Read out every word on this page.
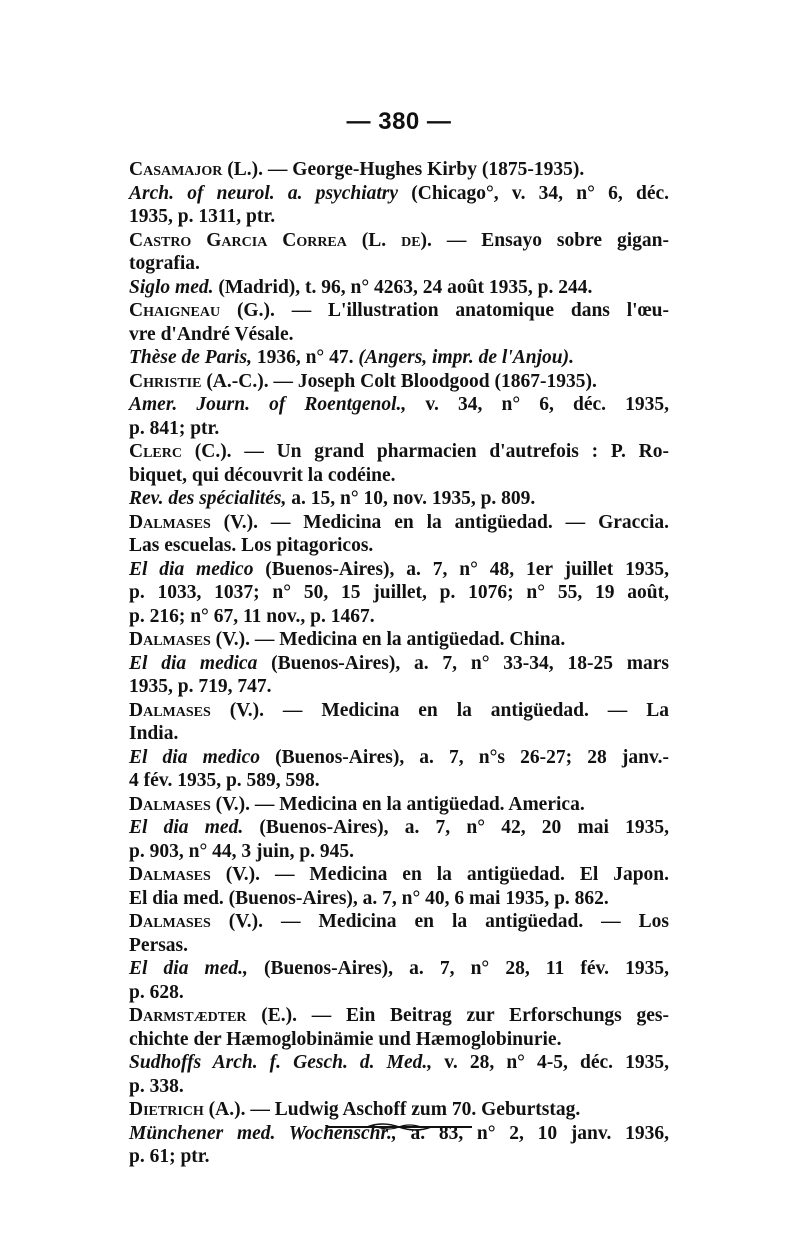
— 380 —
Casamajor (L.). — George-Hughes Kirby (1875-1935).
Arch. of neurol. a. psychiatry (Chicago°, v. 34, n° 6, déc.
1935, p. 1311, ptr.
Castro Garcia Correa (L. de). — Ensayo sobre gigan-
tografia.
Siglo med. (Madrid), t. 96, n° 4263, 24 août 1935, p. 244.
Chaigneau (G.). — L'illustration anatomique dans l'œu-
vre d'André Vésale.
Thèse de Paris, 1936, n° 47. (Angers, impr. de l'Anjou).
Christie (A.-C.). — Joseph Colt Bloodgood (1867-1935).
Amer. Journ. of Roentgenol., v. 34, n° 6, déc. 1935,
p. 841; ptr.
Clerc (C.). — Un grand pharmacien d'autrefois : P. Ro-
biquet, qui découvrit la codéine.
Rev. des spécialités, a. 15, n° 10, nov. 1935, p. 809.
Dalmases (V.). — Medicina en la antigüedad. — Graccia.
Las escuelas. Los pitagoricos.
El dia medico (Buenos-Aires), a. 7, n° 48, 1er juillet 1935,
p. 1033, 1037; n° 50, 15 juillet, p. 1076; n° 55, 19 août,
p. 216; n° 67, 11 nov., p. 1467.
Dalmases (V.). — Medicina en la antigüedad. China.
El dia medica (Buenos-Aires), a. 7, n° 33-34, 18-25 mars
1935, p. 719, 747.
Dalmases (V.). — Medicina en la antigüedad. — La
India.
El dia medico (Buenos-Aires), a. 7, n°s 26-27; 28 janv.-
4 fév. 1935, p. 589, 598.
Dalmases (V.). — Medicina en la antigüedad. America.
El dia med. (Buenos-Aires), a. 7, n° 42, 20 mai 1935,
p. 903, n° 44, 3 juin, p. 945.
Dalmases (V.). — Medicina en la antigüedad. El Japon.
El dia med. (Buenos-Aires), a. 7, n° 40, 6 mai 1935, p. 862.
Dalmases (V.). — Medicina en la antigüedad. — Los
Persas.
El dia med., (Buenos-Aires), a. 7, n° 28, 11 fév. 1935,
p. 628.
Darmstædter (E.). — Ein Beitrag zur Erforschungs ges-
chichte der Hæmoglobinämie und Hæmoglobinurie.
Sudhoffs Arch. f. Gesch. d. Med., v. 28, n° 4-5, déc. 1935,
p. 338.
Dietrich (A.). — Ludwig Aschoff zum 70. Geburtstag.
Münchener med. Wochenschr., a. 83, n° 2, 10 janv. 1936,
p. 61; ptr.
